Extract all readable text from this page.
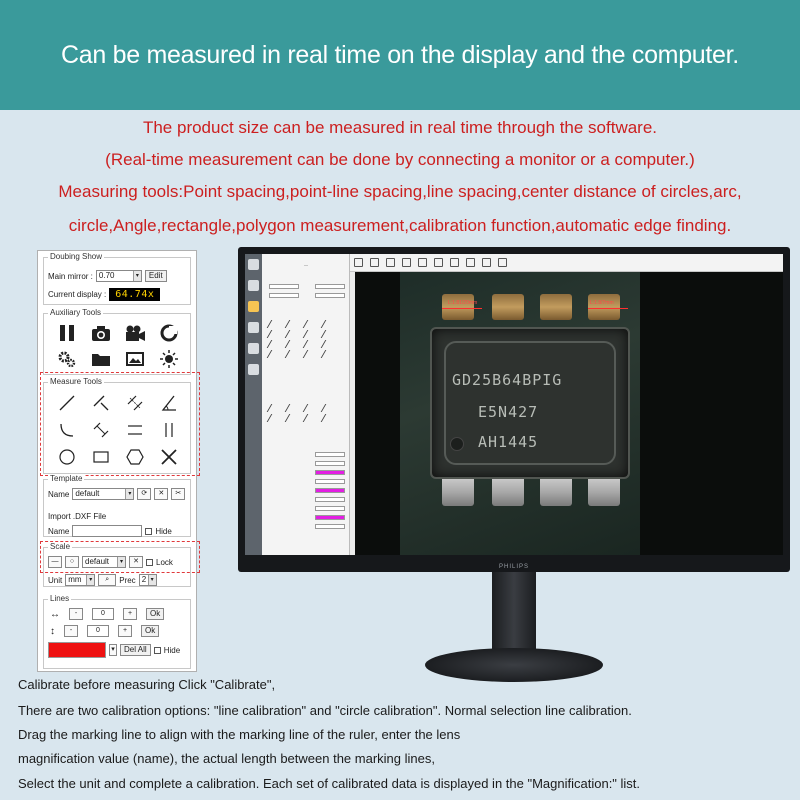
Can be measured in real time on the display and the computer.
The product size can be measured in real time through the software.
(Real-time measurement can be done by connecting a monitor or a computer.)
Measuring tools:Point spacing,point-line spacing,line spacing,center distance of circles,arc,
circle,Angle,rectangle,polygon measurement,calibration function,automatic edge finding.
Doubing Show
Main mirror : 0.70	▾	Edit
Current display : 64.74x
Auxiliary Tools
Measure Tools
Template
Name default	▾	⟳	✕	✂
Import .DXF File
Name	Hide
Scale
—	○	default	▾	✕	Lock
Unit mm	▾	⌕	Prec 2 ▾
Lines
↔	-	0	+	Ok
↕	-	0	+	Ok
▾	Del All	Hide
—
GD25B64BPIG
E5N427
AH1445
L:1.81/20mm	L:1.8/7mm
PHILIPS
Calibrate before measuring Click "Calibrate",
There are two calibration options: "line calibration" and "circle calibration". Normal selection line calibration.
Drag the marking line to align with the marking line of the ruler, enter the lens
magnification value (name), the actual length between the marking lines,
Select the unit and complete a calibration. Each set of calibrated data is displayed in the "Magnification:" list.
